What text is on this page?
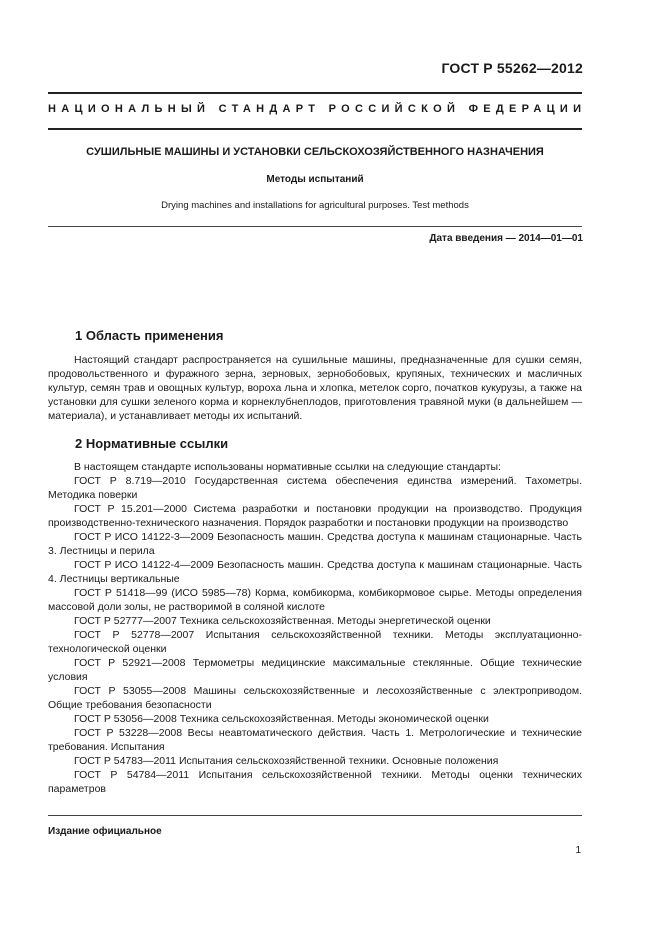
ГОСТ Р 55262—2012
НАЦИОНАЛЬНЫЙ СТАНДАРТ РОССИЙСКОЙ ФЕДЕРАЦИИ
СУШИЛЬНЫЕ МАШИНЫ И УСТАНОВКИ СЕЛЬСКОХОЗЯЙСТВЕННОГО НАЗНАЧЕНИЯ
Методы испытаний
Drying machines and installations for agricultural purposes. Test methods
Дата введения — 2014—01—01
1 Область применения
Настоящий стандарт распространяется на сушильные машины, предназначенные для сушки семян, продовольственного и фуражного зерна, зерновых, зернобобовых, крупяных, технических и масличных культур, семян трав и овощных культур, вороха льна и хлопка, метелок сорго, початков кукурузы, а также на установки для сушки зеленого корма и корнеклубнеплодов, приготовления травяной муки (в дальнейшем — материала), и устанавливает методы их испытаний.
2 Нормативные ссылки

В настоящем стандарте использованы нормативные ссылки на следующие стандарты:

ГОСТ Р 8.719—2010 Государственная система обеспечения единства измерений. Тахометры. Методика поверки

ГОСТ Р 15.201—2000 Система разработки и постановки продукции на производство. Продукция производственно-технического назначения. Порядок разработки и постановки продукции на производство

ГОСТ Р ИСО 14122-3—2009 Безопасность машин. Средства доступа к машинам стационарные. Часть 3. Лестницы и перила

ГОСТ Р ИСО 14122-4—2009 Безопасность машин. Средства доступа к машинам стационарные. Часть 4. Лестницы вертикальные

ГОСТ Р 51418—99 (ИСО 5985—78) Корма, комбикорма, комбикормовое сырье. Методы определения массовой доли золы, не растворимой в соляной кислоте

ГОСТ Р 52777—2007 Техника сельскохозяйственная. Методы энергетической оценки

ГОСТ Р 52778—2007 Испытания сельскохозяйственной техники. Методы эксплуатационно-технологической оценки

ГОСТ Р 52921—2008 Термометры медицинские максимальные стеклянные. Общие технические условия

ГОСТ Р 53055—2008 Машины сельскохозяйственные и лесохозяйственные с электроприводом. Общие требования безопасности

ГОСТ Р 53056—2008 Техника сельскохозяйственная. Методы экономической оценки

ГОСТ Р 53228—2008 Весы неавтоматического действия. Часть 1. Метрологические и технические требования. Испытания

ГОСТ Р 54783—2011 Испытания сельскохозяйственной техники. Основные положения

ГОСТ Р 54784—2011 Испытания сельскохозяйственной техники. Методы оценки технических параметров

Издание официальное
1
